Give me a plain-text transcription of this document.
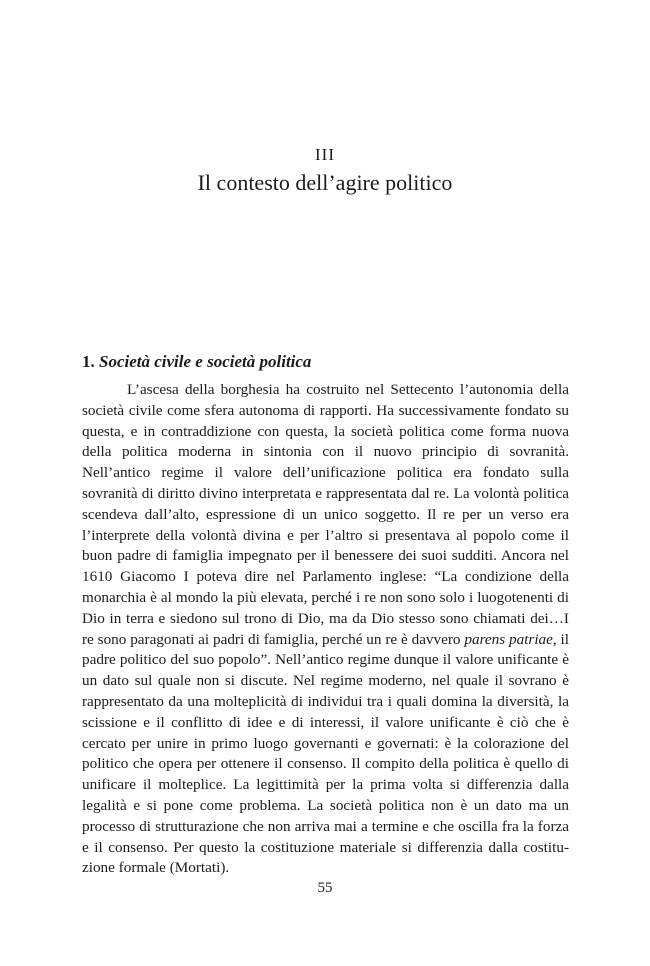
III
Il contesto dell’agire politico
1. Società civile e società politica

L’ascesa della borghesia ha costruito nel Settecento l’autonomia della società civile come sfera autonoma di rapporti. Ha successivamente fondato su questa, e in contraddizione con questa, la società politica come forma nuova della politica moderna in sintonia con il nuovo principio di sovranità. Nell’antico regime il valore dell’unificazione politica era fondato sulla sovranità di diritto divino interpretata e rappresentata dal re. La volontà politica scendeva dall’alto, espressione di un unico soggetto. Il re per un verso era l’interprete della volontà divina e per l’altro si presentava al popolo come il buon padre di famiglia impegnato per il benessere dei suoi sudditi. Ancora nel 1610 Giacomo I poteva dire nel Parlamento inglese: “La condizione della monarchia è al mondo la più elevata, perché i re non sono solo i luogotenenti di Dio in terra e siedono sul trono di Dio, ma da Dio stesso sono chiamati dei…I re sono paragonati ai padri di famiglia, perché un re è davvero parens patriae, il padre politico del suo popolo”. Nell’antico regime dunque il valore unificante è un dato sul quale non si discute. Nel regime moderno, nel quale il sovrano è rappresentato da una molteplicità di individui tra i quali domina la diversità, la scissione e il conflitto di idee e di interessi, il valore unificante è ciò che è cercato per unire in primo luogo governanti e governati: è la colorazione del politico che opera per ottenere il consenso. Il compito della politica è quello di unificare il molteplice. La legittimità per la prima volta si differenzia dalla legalità e si pone come problema. La società politica non è un dato ma un processo di strutturazione che non arriva mai a termine e che oscilla fra la forza e il consenso. Per questo la costituzione materiale si differenzia dalla costituzione formale (Mortati).

55
